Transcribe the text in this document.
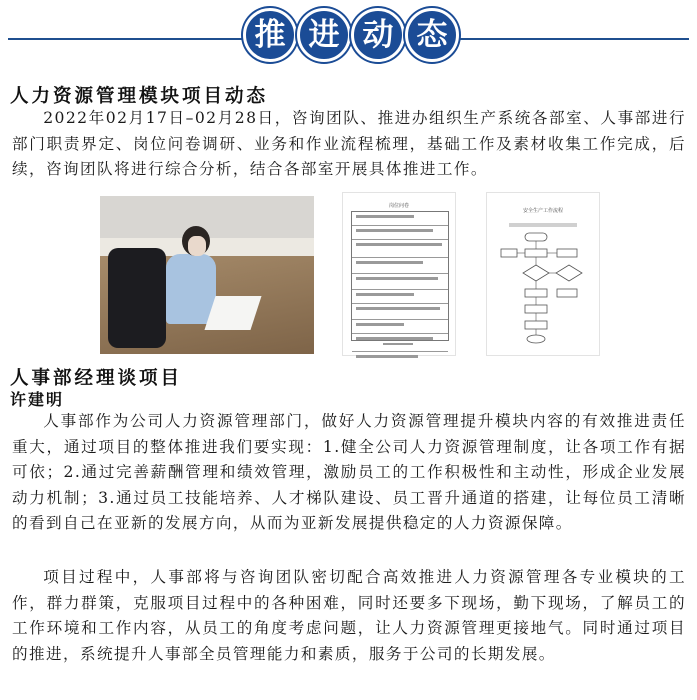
推 进 动 态
人力资源管理模块项目动态

2022年02月17日–02月28日，咨询团队、推进办组织生产系统各部室、人事部进行部门职责界定、岗位问卷调研、业务和作业流程梳理，基础工作及素材收集工作完成，后续，咨询团队将进行综合分析，结合各部室开展具体推进工作。

岗位问卷
安全生产工作流程
人事部经理谈项目
许建明

人事部作为公司人力资源管理部门，做好人力资源管理提升模块内容的有效推进责任重大，通过项目的整体推进我们要实现：1.健全公司人力资源管理制度，让各项工作有据可依；2.通过完善薪酬管理和绩效管理，激励员工的工作积极性和主动性，形成企业发展动力机制；3.通过员工技能培养、人才梯队建设、员工晋升通道的搭建，让每位员工清晰的看到自己在亚新的发展方向，从而为亚新发展提供稳定的人力资源保障。

项目过程中，人事部将与咨询团队密切配合高效推进人力资源管理各专业模块的工作，群力群策，克服项目过程中的各种困难，同时还要多下现场，勤下现场，了解员工的工作环境和工作内容，从员工的角度考虑问题，让人力资源管理更接地气。同时通过项目的推进，系统提升人事部全员管理能力和素质，服务于公司的长期发展。
